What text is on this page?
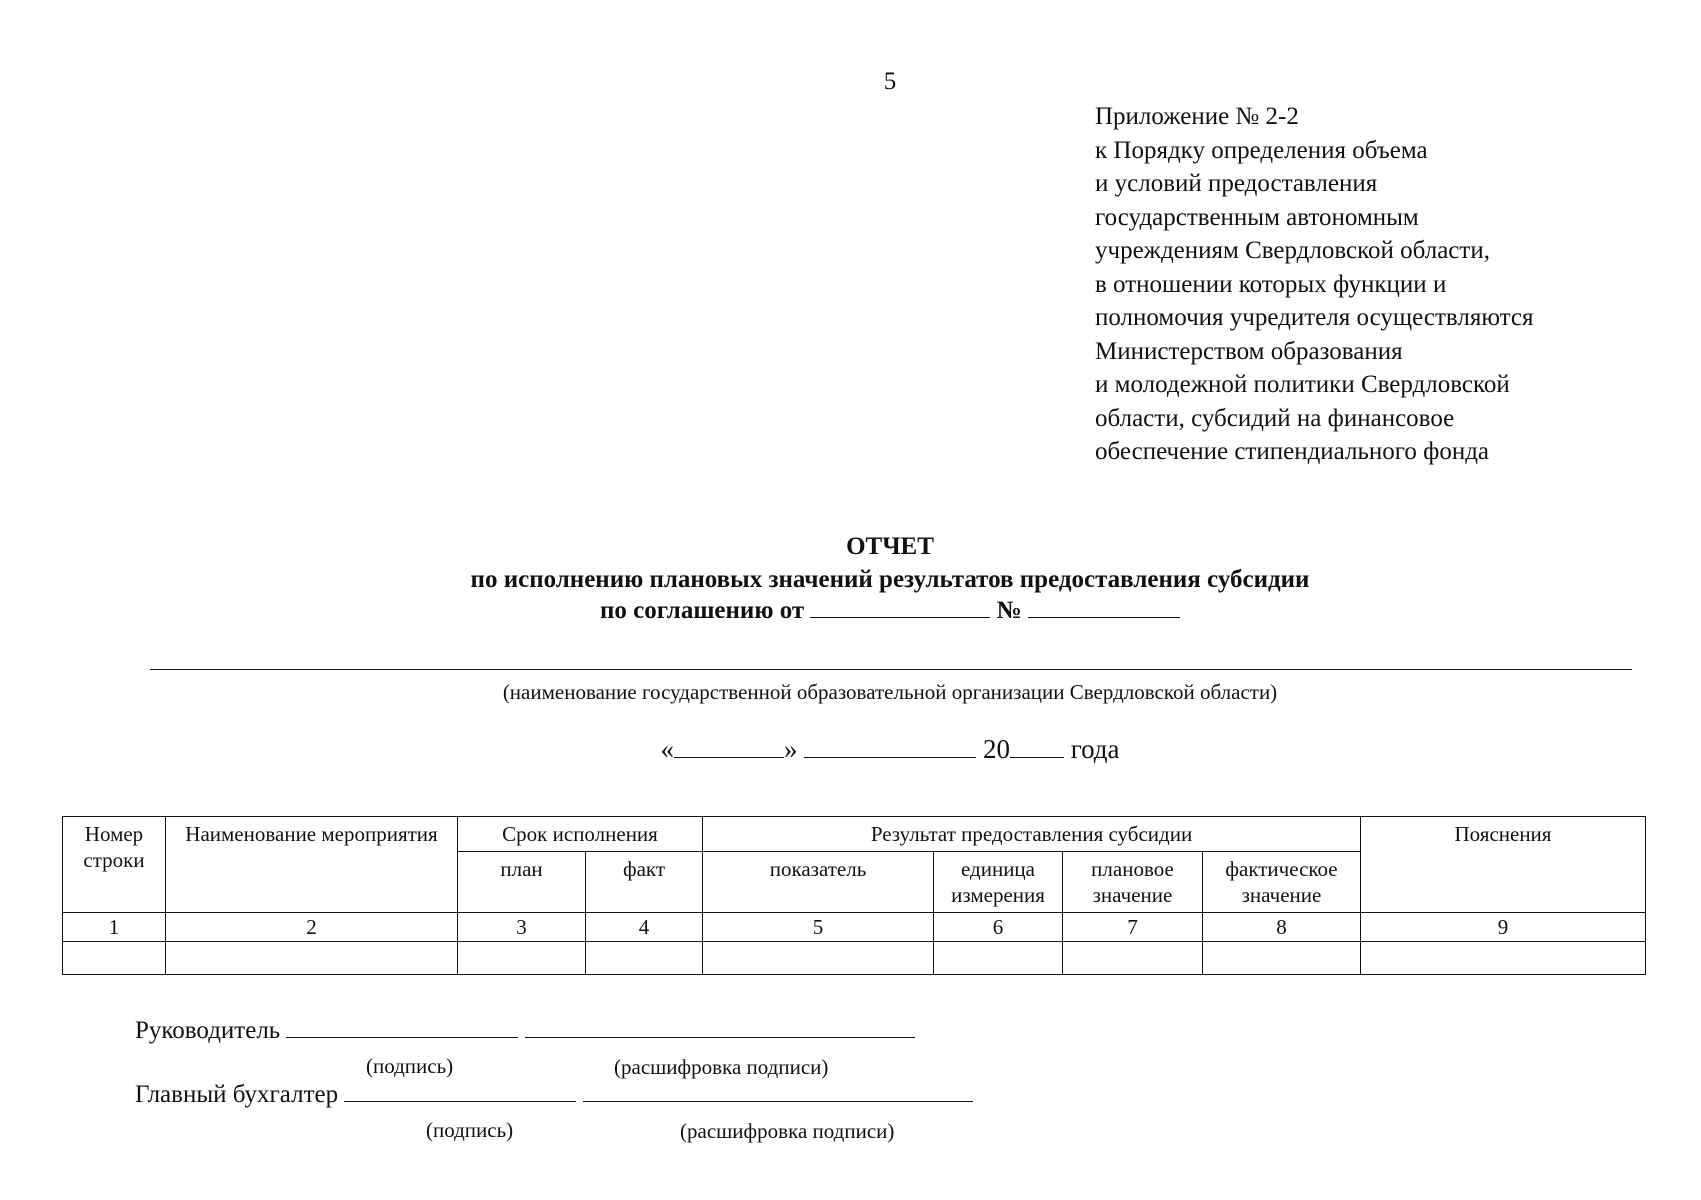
5
Приложение № 2-2
к Порядку определения объема
и условий предоставления
государственным автономным
учреждениям Свердловской области,
в отношении которых функции и
полномочия учредителя осуществляются
Министерством образования
и молодежной политики Свердловской
области, субсидий на финансовое
обеспечение стипендиального фонда
ОТЧЕТ
по исполнению плановых значений результатов предоставления субсидии
по соглашению от	№
(наименование государственной образовательной организации Свердловской области)
«	»	20 года
Номер строки	Наименование мероприятия	Срок исполнения		Результат предоставления субсидии				Пояснения
		план	факт	показатель	единица измерения	плановое значение	фактическое значение	
1	2	3	4	5	6	7	8	9

Руководитель
(подпись)	(расшифровка подписи)
Главный бухгалтер
(подпись)	(расшифровка подписи)
